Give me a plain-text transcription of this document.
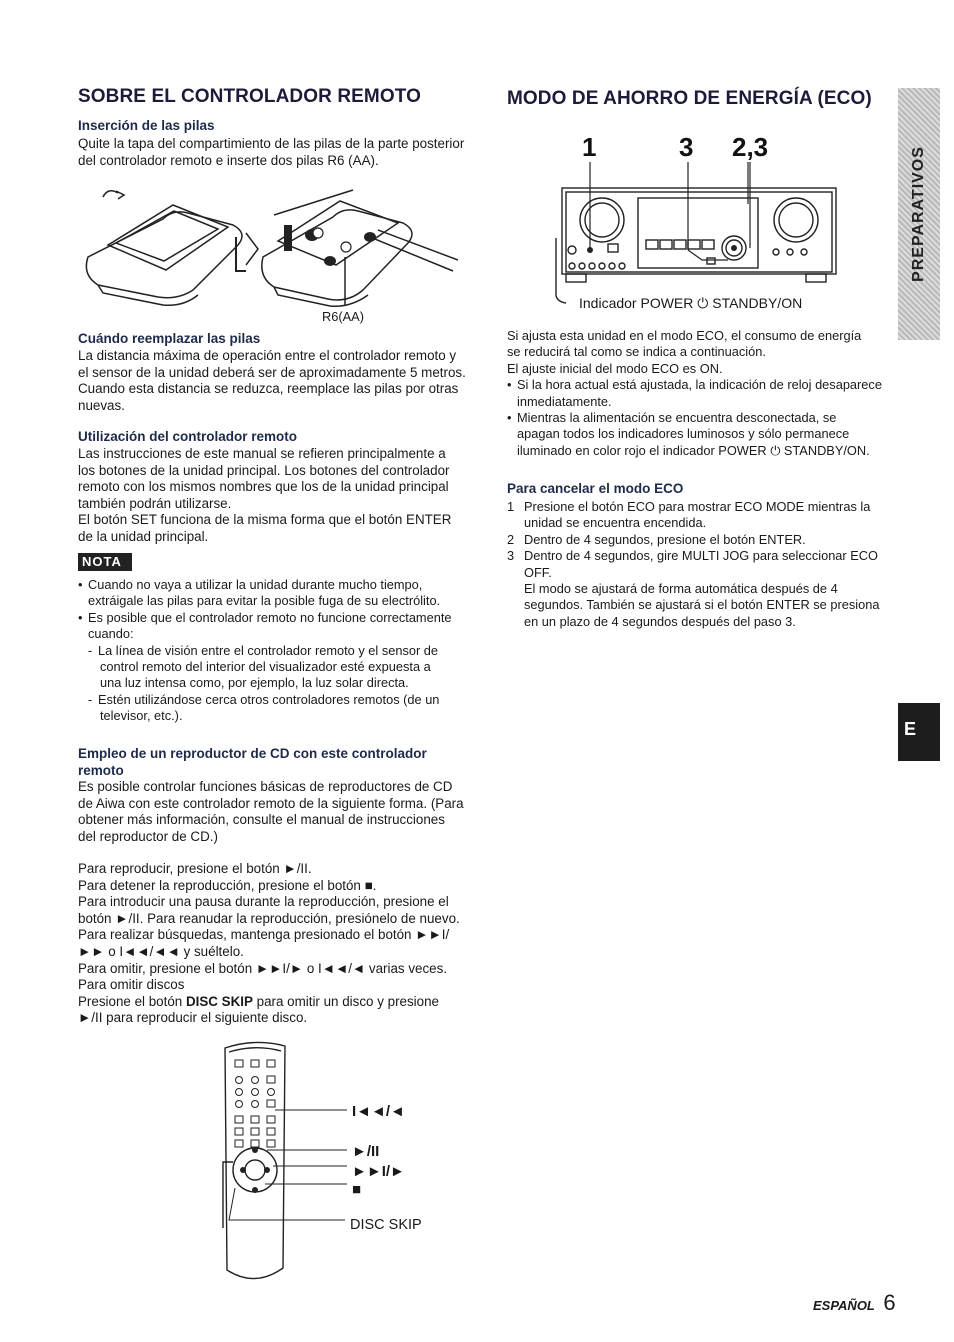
SOBRE EL CONTROLADOR REMOTO
Inserción de las pilas
Quite la tapa del compartimiento de las pilas de la parte posterior
del controlador remoto e inserte dos pilas R6 (AA).
R6(AA)
Cuándo reemplazar las pilas
La distancia máxima de operación entre el controlador remoto y
el sensor de la unidad deberá ser de aproximadamente 5 metros.
Cuando esta distancia se reduzca, reemplace las pilas por otras
nuevas.
Utilización del controlador remoto
Las instrucciones de este manual se refieren principalmente a
los botones de la unidad principal. Los botones del controlador
remoto con los mismos nombres que los de la unidad principal
también podrán utilizarse.
El botón SET funciona de la misma forma que el botón ENTER
de la unidad principal.
NOTA
• Cuando no vaya a utilizar la unidad durante mucho tiempo,
extráigale las pilas para evitar la posible fuga de su electrólito.
• Es posible que el controlador remoto no funcione correctamente
cuando:
- La línea de visión entre el controlador remoto y el sensor de
control remoto del interior del visualizador esté expuesta a
una luz intensa como, por ejemplo, la luz solar directa.
- Estén utilizándose cerca otros controladores remotos (de un
televisor, etc.).
Empleo de un reproductor de CD con este controlador
remoto
Es posible controlar funciones básicas de reproductores de CD
de Aiwa con este controlador remoto de la siguiente forma. (Para
obtener más información, consulte el manual de instrucciones
del reproductor de CD.)
Para reproducir, presione el botón ►/II.
Para detener la reproducción, presione el botón ■.
Para introducir una pausa durante la reproducción, presione el
botón ►/II. Para reanudar la reproducción, presiónelo de nuevo.
Para realizar búsquedas, mantenga presionado el botón ►►I/
►► o I◄◄/◄◄ y suéltelo.
Para omitir, presione el botón ►►I/► o I◄◄/◄ varias veces.
Para omitir discos
Presione el botón DISC SKIP para omitir un disco y presione
►/II para reproducir el siguiente disco.
I◄◄/◄
►/II
►►I/►
■
DISC SKIP
MODO DE AHORRO DE ENERGÍA (ECO)
1	3 2,3
Indicador POWER ⏻ STANDBY/ON
Si ajusta esta unidad en el modo ECO, el consumo de energía
se reducirá tal como se indica a continuación.
El ajuste inicial del modo ECO es ON.
• Si la hora actual está ajustada, la indicación de reloj desaparece
inmediatamente.
• Mientras la alimentación se encuentra desconectada, se
apagan todos los indicadores luminosos y sólo permanece
iluminado en color rojo el indicador POWER ⏻ STANDBY/ON.
Para cancelar el modo ECO
1 Presione el botón ECO para mostrar ECO MODE mientras la
unidad se encuentra encendida.
2 Dentro de 4 segundos, presione el botón ENTER.
3 Dentro de 4 segundos, gire MULTI JOG para seleccionar ECO
OFF.
El modo se ajustará de forma automática después de 4
segundos. También se ajustará si el botón ENTER se presiona
en un plazo de 4 segundos después del paso 3.
PREPARATIVOS
E
ESPAÑOL 6
